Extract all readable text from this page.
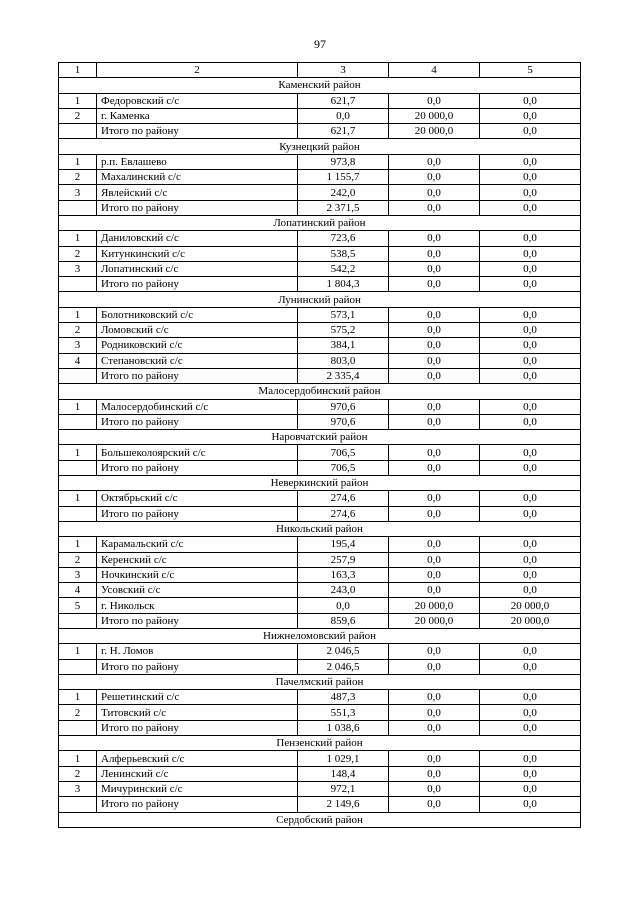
97
1	2	3	4	5
Каменский район				
1	Федоровский с/с	621,7	0,0	0,0
2	г. Каменка	0,0	20 000,0	0,0
	Итого по району	621,7	20 000,0	0,0
Кузнецкий район				
1	р.п. Евлашево	973,8	0,0	0,0
2	Махалинский с/с	1 155,7	0,0	0,0
3	Явлейский с/с	242,0	0,0	0,0
	Итого по району	2 371,5	0,0	0,0
Лопатинский район				
1	Даниловский с/с	723,6	0,0	0,0
2	Китункинский с/с	538,5	0,0	0,0
3	Лопатинский с/с	542,2	0,0	0,0
	Итого по району	1 804,3	0,0	0,0
Лунинский район				
1	Болотниковский с/с	573,1	0,0	0,0
2	Ломовский с/с	575,2	0,0	0,0
3	Родниковский с/с	384,1	0,0	0,0
4	Степановский с/с	803,0	0,0	0,0
	Итого по району	2 335,4	0,0	0,0
Малосердобинский район				
1	Малосердобинский с/с	970,6	0,0	0,0
	Итого по району	970,6	0,0	0,0
Наровчатский район				
1	Большеколоярский с/с	706,5	0,0	0,0
	Итого по району	706,5	0,0	0,0
Неверкинский район				
1	Октябрьский с/с	274,6	0,0	0,0
	Итого по району	274,6	0,0	0,0
Никольский район				
1	Карамальский с/с	195,4	0,0	0,0
2	Керенский с/с	257,9	0,0	0,0
3	Ночкинский с/с	163,3	0,0	0,0
4	Усовский с/с	243,0	0,0	0,0
5	г. Никольск	0,0	20 000,0	20 000,0
	Итого по району	859,6	20 000,0	20 000,0
Нижнеломовский район				
1	г. Н. Ломов	2 046,5	0,0	0,0
	Итого по району	2 046,5	0,0	0,0
Пачелмский район				
1	Решетинский с/с	487,3	0,0	0,0
2	Титовский с/с	551,3	0,0	0,0
	Итого по району	1 038,6	0,0	0,0
Пензенский район				
1	Алферьевский с/с	1 029,1	0,0	0,0
2	Ленинский с/с	148,4	0,0	0,0
3	Мичуринский с/с	972,1	0,0	0,0
	Итого по району	2 149,6	0,0	0,0
Сердобский район				
